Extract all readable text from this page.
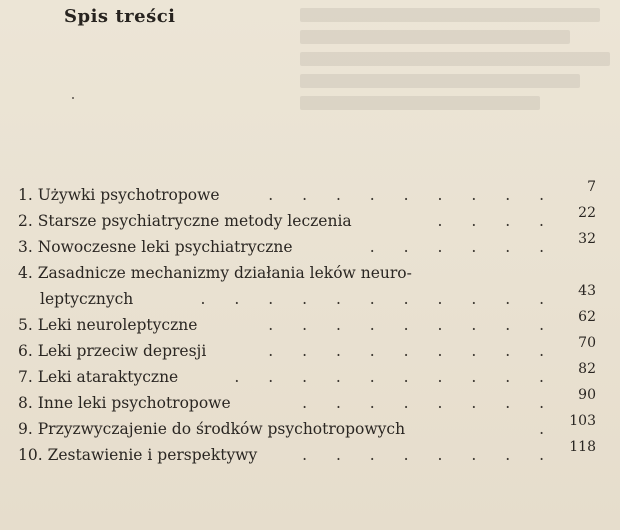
Spis treści
1. Używki psychotropowe	. . . . . . . . .	7
2. Starsze psychiatryczne metody leczenia	. . . .	22
3. Nowoczesne leki psychiatryczne	. . . . . .	32
4. Zasadnicze mechanizmy działania leków neuro-
leptycznych	. . . . . . . . . . .	43
5. Leki neuroleptyczne	. . . . . . . . .	62
6. Leki przeciw depresji	. . . . . . . . .	70
7. Leki ataraktyczne	. . . . . . . . . .	82
8. Inne leki psychotropowe	. . . . . . . .	90
9. Przyzwyczajenie do środków psychotropowych	. 103
10. Zestawienie i perspektywy	. . . . . . . . 118
